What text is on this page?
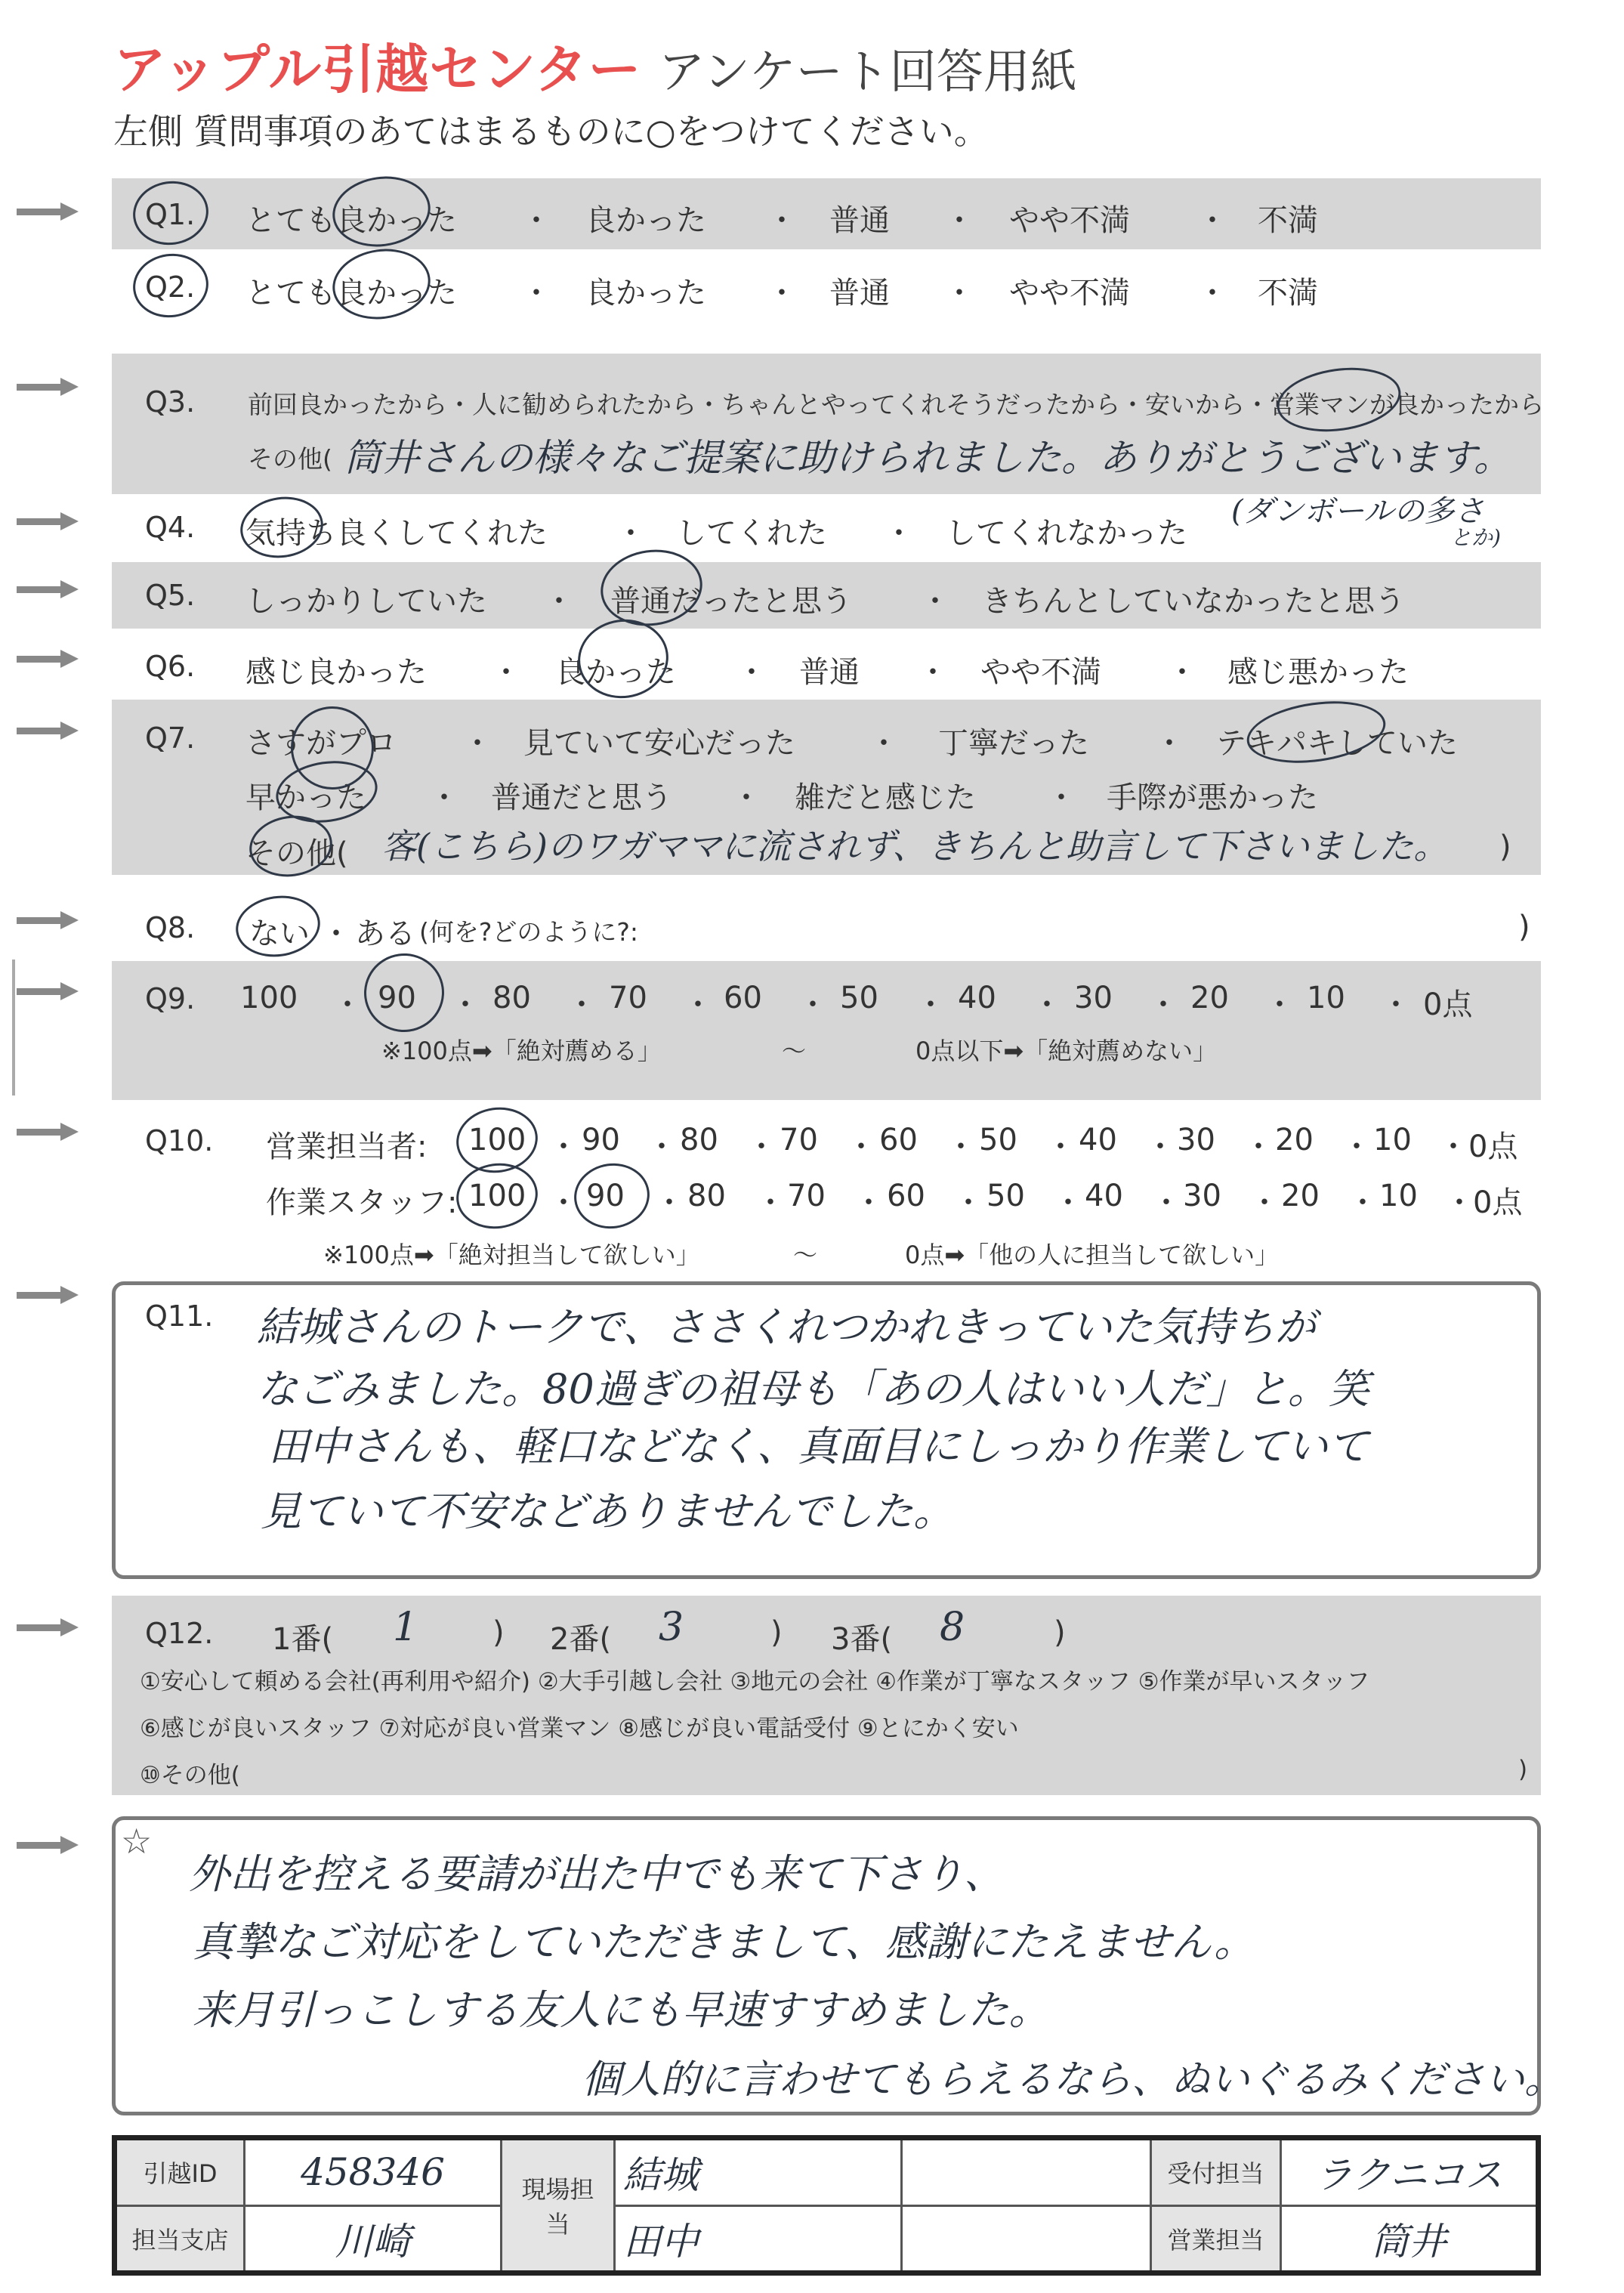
アップル引越センター アンケート回答用紙
左側 質問事項のあてはまるものに○をつけてください。
Q1. とても良かった ・ 良かった ・ 普通 ・ やや不満 ・ 不満
Q2. とても良かった ・ 良かった ・ 普通 ・ やや不満 ・ 不満
Q3. 前回良かったから・人に勧められたから・ちゃんとやってくれそうだったから・安いから・営業マンが良かったから
その他( 筒井さんの様々なご提案に助けられました。ありがとうございます。
Q4. 気持ち良くしてくれた ・ してくれた ・ してくれなかった
(ダンボールの多さ
とか)
Q5. しっかりしていた ・ 普通だったと思う ・ きちんとしていなかったと思う
Q6. 感じ良かった ・ 良かった ・ 普通 ・ やや不満 ・ 感じ悪かった
Q7. さすがプロ ・ 見ていて安心だった ・ 丁寧だった ・ テキパキしていた
早かった ・ 普通だと思う ・ 雑だと感じた ・ 手際が悪かった
その他( 客(こちら)のワガママに流されず、きちんと助言して下さいました。 )
Q8. ない ・ ある (何を?どのように?:	)
Q9. 100 ・ 90 ・ 80 ・ 70 ・ 60 ・ 50 ・ 40 ・ 30 ・ 20 ・ 10 ・ 0点
※100点➡「絶対薦める」	〜	0点以下➡「絶対薦めない」
Q10. 営業担当者: 100 ・ 90 ・ 80 ・ 70 ・ 60 ・ 50 ・ 40 ・ 30 ・ 20 ・ 10 ・ 0点
作業スタッフ: 100 ・ 90 ・ 80 ・ 70 ・ 60 ・ 50 ・ 40 ・ 30 ・ 20 ・ 10 ・
0点
※100点➡「絶対担当して欲しい」	〜	0点➡「他の人に担当して欲しい」
Q11. 結城さんのトークで、ささくれつかれきっていた気持ちが
なごみました。80過ぎの祖母も「あの人はいい人だ」と。笑
田中さんも、軽口などなく、真面目にしっかり作業していて
見ていて不安などありませんでした。
Q12. 1番( 1 ) 2番( 3	) 3番( 8	)
①安心して頼める会社(再利用や紹介) ②大手引越し会社 ③地元の会社 ④作業が丁寧なスタッフ ⑤作業が早いスタッフ
⑥感じが良いスタッフ ⑦対応が良い営業マン ⑧感じが良い電話受付 ⑨とにかく安い
⑩その他(	)
☆
外出を控える要請が出た中でも来て下さり、
真摯なご対応をしていただきまして、感謝にたえません。
来月引っこしする友人にも早速すすめました。
個人的に言わせてもらえるなら、ぬいぐるみください。
引越ID	458346	現場担当	結城		受付担当	ラクニコス
担当支店	川崎		田中		営業担当	筒井
